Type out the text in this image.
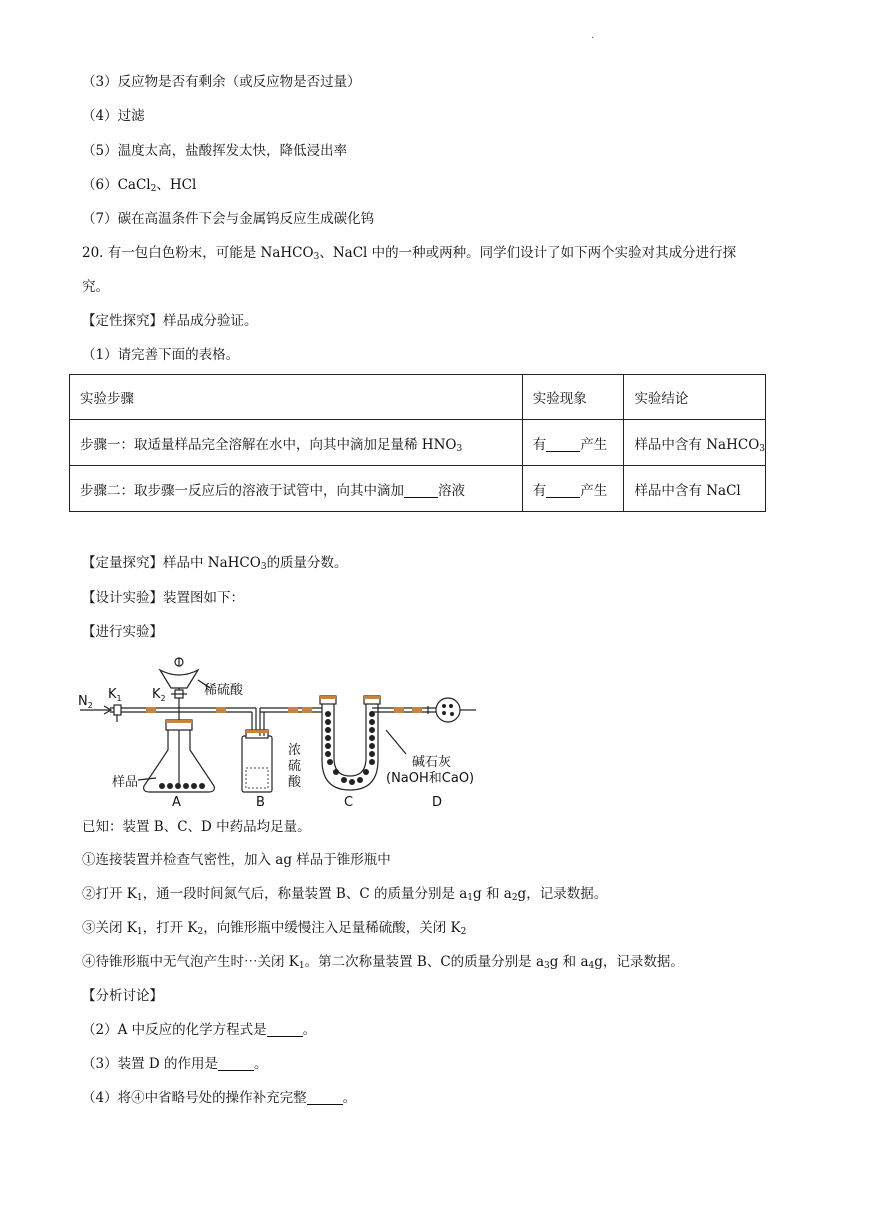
.
（3）反应物是否有剩余（或反应物是否过量）
（4）过滤
（5）温度太高，盐酸挥发太快，降低浸出率
（6）CaCl$_2$、HCl
（7）碳在高温条件下会与金属钨反应生成碳化钨
20. 有一包白色粉末，可能是 NaHCO$_3$、NaCl 中的一种或两种。同学们设计了如下两个实验对其成分进行探
究。
【定性探究】样品成分验证。
（1）请完善下面的表格。
实验步骤	实验现象	实验结论
步骤一：取适量样品完全溶解在水中，向其中滴加足量稀 $HNO_3$	有 产生	样品中含有 NaHCO$_3$
步骤二：取步骤一反应后的溶液于试管中，向其中滴加 溶液	有 产生	样品中含有 NaCl
【定量探究】样品中 NaHCO$_3$的质量分数。
【设计实验】装置图如下：
【进行实验】
$N_2$
$K_1$ $K_2$
稀硫酸
浓
硫
酸
样品
碱石灰
(NaOH和CaO)
A	B	C	D
已知：装置 B、C、D 中药品均足量。
①连接装置并检查气密性，加入 ag 样品于锥形瓶中
②打开 $K_1$，通一段时间氮气后，称量装置 B、C 的质量分别是 $a_1g$ 和 $a_2g$，记录数据。
③关闭 $K_1$，打开 $K_2$，向锥形瓶中缓慢注入足量稀硫酸，关闭 $K_2$
④待锥形瓶中无气泡产生时⋯关闭 $K_1$。第二次称量装置 B、C的质量分别是 $a_3g$ 和 $a_4g$，记录数据。
【分析讨论】
（2）A 中反应的化学方程式是	。
（3）装置 D 的作用是	。
（4）将④中省略号处的操作补充完整	。
